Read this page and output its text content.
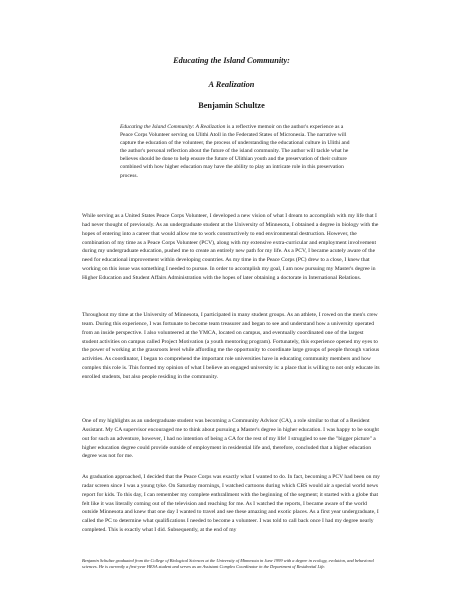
Educating the Island Community:
A Realization
Benjamin Schultze

Educating the Island Community: A Realization is a reflective memoir on the author's experience as a Peace Corps Volunteer serving on Ulithi Atoll in the Federated States of Micronesia. The narrative will capture the education of the volunteer, the process of understanding the educational culture in Ulithi and the author's personal reflection about the future of the island community. The author will tackle what he believes should be done to help ensure the future of Ulithian youth and the preservation of their culture combined with how higher education may have the ability to play an intricate role in this preservation process.

While serving as a United States Peace Corps Volunteer, I developed a new vision of what I dream to accomplish with my life that I had never thought of previously. As an undergraduate student at the University of Minnesota, I obtained a degree in biology with the hopes of entering into a career that would allow me to work constructively to end environmental destruction. However, the combination of my time as a Peace Corps Volunteer (PCV), along with my extensive extra-curricular and employment involvement during my undergraduate education, pushed me to create an entirely new path for my life. As a PCV, I became acutely aware of the need for educational improvement within developing countries. As my time in the Peace Corps (PC) drew to a close, I knew that working on this issue was something I needed to pursue. In order to accomplish my goal, I am now pursuing my Master's degree in Higher Education and Student Affairs Administration with the hopes of later obtaining a doctorate in International Relations.

Throughout my time at the University of Minnesota, I participated in many student groups. As an athlete, I rowed on the men's crew team. During this experience, I was fortunate to become team treasurer and began to see and understand how a university operated from an inside perspective. I also volunteered at the YMCA, located on campus, and eventually coordinated one of the largest student activities on campus called Project Motivation (a youth mentoring program). Fortunately, this experience opened my eyes to the power of working at the grassroots level while affording me the opportunity to coordinate large groups of people through various activities. As coordinator, I began to comprehend the important role universities have in educating community members and how complex this role is. This formed my opinion of what I believe an engaged university is: a place that is willing to not only educate its enrolled students, but also people residing in the community.

One of my highlights as an undergraduate student was becoming a Community Advisor (CA), a role similar to that of a Resident Assistant. My CA supervisor encouraged me to think about pursuing a Master's degree in higher education. I was happy to be sought out for such an adventure, however, I had no intention of being a CA for the rest of my life! I struggled to see the "bigger picture" a higher education degree could provide outside of employment in residential life and, therefore, concluded that a higher education degree was not for me.

As graduation approached, I decided that the Peace Corps was exactly what I wanted to do. In fact, becoming a PCV had been on my radar screen since I was a young tyke. On Saturday mornings, I watched cartoons during which CBS would air a special world news report for kids. To this day, I can remember my complete enthrallment with the beginning of the segment; it started with a globe that felt like it was literally coming out of the television and reaching for me. As I watched the reports, I became aware of the world outside Minnesota and knew that one day I wanted to travel and see these amazing and exotic places. As a first year undergraduate, I called the PC to determine what qualifications I needed to become a volunteer. I was told to call back once I had my degree nearly completed. This is exactly what I did. Subsequently, at the end of my

Benjamin Schultze graduated from the College of Biological Sciences at the University of Minnesota in June 1999 with a degree in ecology, evolution, and behavioral sciences. He is currently a first-year HESA student and serves as an Assistant Complex Coordinator in the Department of Residential Life.
